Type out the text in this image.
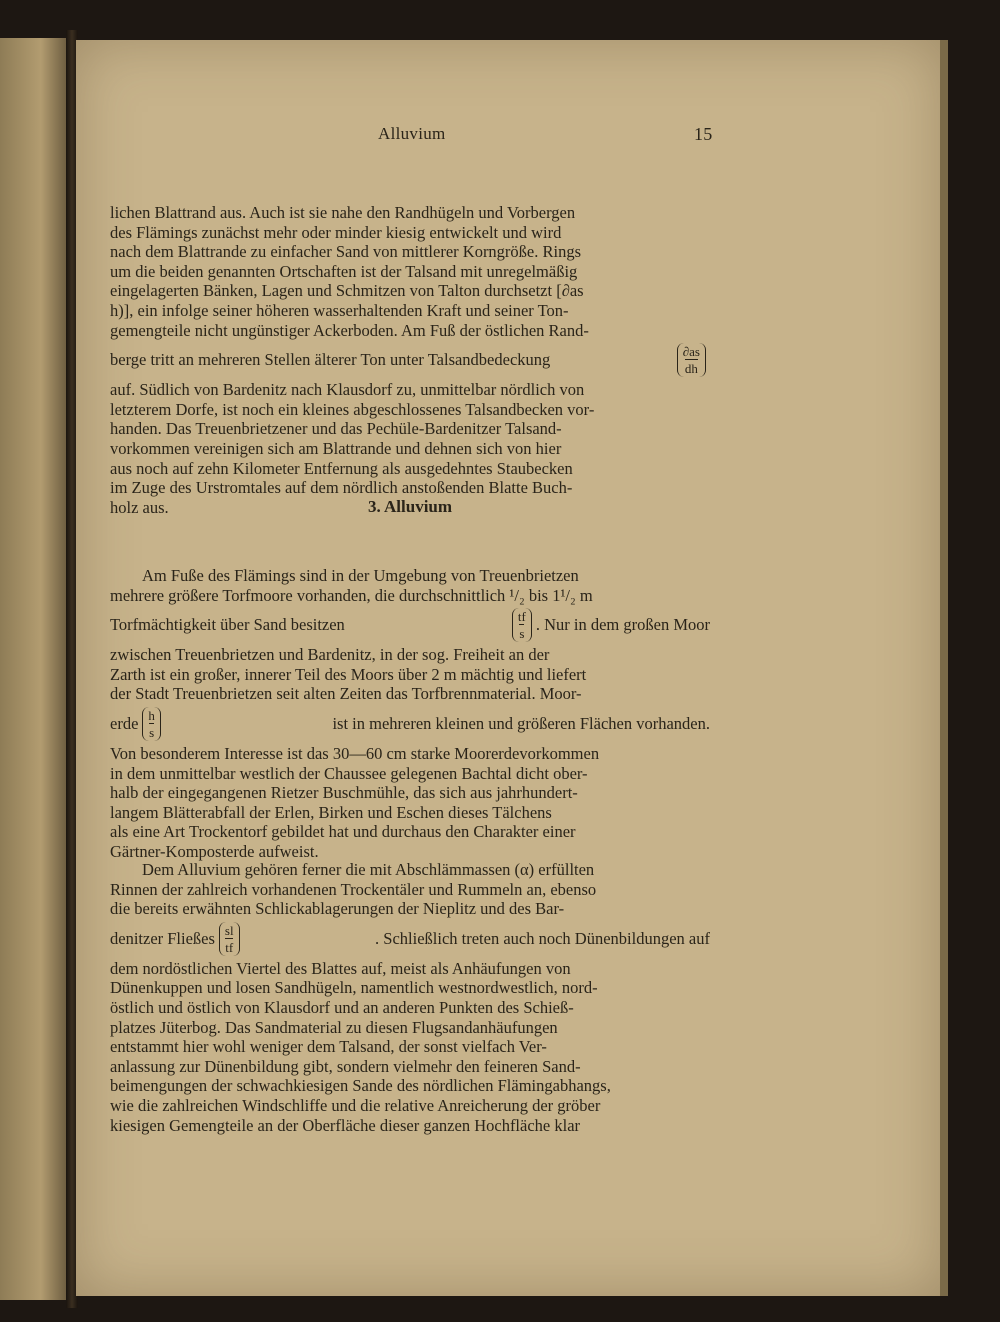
Alluvium	15

lichen Blattrand aus. Auch ist sie nahe den Randhügeln und Vorbergen

des Flämings zunächst mehr oder minder kiesig entwickelt und wird

nach dem Blattrande zu einfacher Sand von mittlerer Korngröße. Rings

um die beiden genannten Ortschaften ist der Talsand mit unregelmäßig

eingelagerten Bänken, Lagen und Schmitzen von Talton durchsetzt [∂as

h)], ein infolge seiner höheren wasserhaltenden Kraft und seiner Ton-

gemengteile nicht ungünstiger Ackerboden. Am Fuß der östlichen Rand-

berge tritt an mehreren Stellen älterer Ton unter Talsandbedeckung	$\frac{\partial as}{dh}$

auf. Südlich von Bardenitz nach Klausdorf zu, unmittelbar nördlich von

letzterem Dorfe, ist noch ein kleines abgeschlossenes Talsandbecken vor-

handen. Das Treuenbrietzener und das Pechüle-Bardenitzer Talsand-

vorkommen vereinigen sich am Blattrande und dehnen sich von hier

aus noch auf zehn Kilometer Entfernung als ausgedehntes Staubecken

im Zuge des Urstromtales auf dem nördlich anstoßenden Blatte Buch-

holz aus.	3. Alluvium

Am Fuße des Flämings sind in der Umgebung von Treuenbrietzen

mehrere größere Torfmoore vorhanden, die durchschnittlich ¹/₂ bis 1¹/₂ m

Torfmächtigkeit über Sand besitzen	$\frac{tf}{s}$ . Nur in dem großen Moor

zwischen Treuenbrietzen und Bardenitz, in der sog. Freiheit an der

Zarth ist ein großer, innerer Teil des Moors über 2 m mächtig und liefert

der Stadt Treuenbrietzen seit alten Zeiten das Torfbrennmaterial. Moor-

erde $\frac{h}{s}$	ist in mehreren kleinen und größeren Flächen vorhanden.

Von besonderem Interesse ist das 30—60 cm starke Moorerdevorkommen

in dem unmittelbar westlich der Chaussee gelegenen Bachtal dicht ober-

halb der eingegangenen Rietzer Buschmühle, das sich aus jahrhundert-

langem Blätterabfall der Erlen, Birken und Eschen dieses Tälchens

als eine Art Trockentorf gebildet hat und durchaus den Charakter einer

Gärtner-Komposterde aufweist.

Dem Alluvium gehören ferner die mit Abschlämmassen (α) erfüllten

Rinnen der zahlreich vorhandenen Trockentäler und Rummeln an, ebenso

die bereits erwähnten Schlickablagerungen der Nieplitz und des Bar-

denitzer Fließes $\frac{sl}{tf}$	. Schließlich treten auch noch Dünenbildungen auf

dem nordöstlichen Viertel des Blattes auf, meist als Anhäufungen von

Dünenkuppen und losen Sandhügeln, namentlich westnordwestlich, nord-

östlich und östlich von Klausdorf und an anderen Punkten des Schieß-

platzes Jüterbog. Das Sandmaterial zu diesen Flugsandanhäufungen

entstammt hier wohl weniger dem Talsand, der sonst vielfach Ver-

anlassung zur Dünenbildung gibt, sondern vielmehr den feineren Sand-

beimengungen der schwachkiesigen Sande des nördlichen Flämingabhangs,

wie die zahlreichen Windschliffe und die relative Anreicherung der gröber

kiesigen Gemengteile an der Oberfläche dieser ganzen Hochfläche klar
